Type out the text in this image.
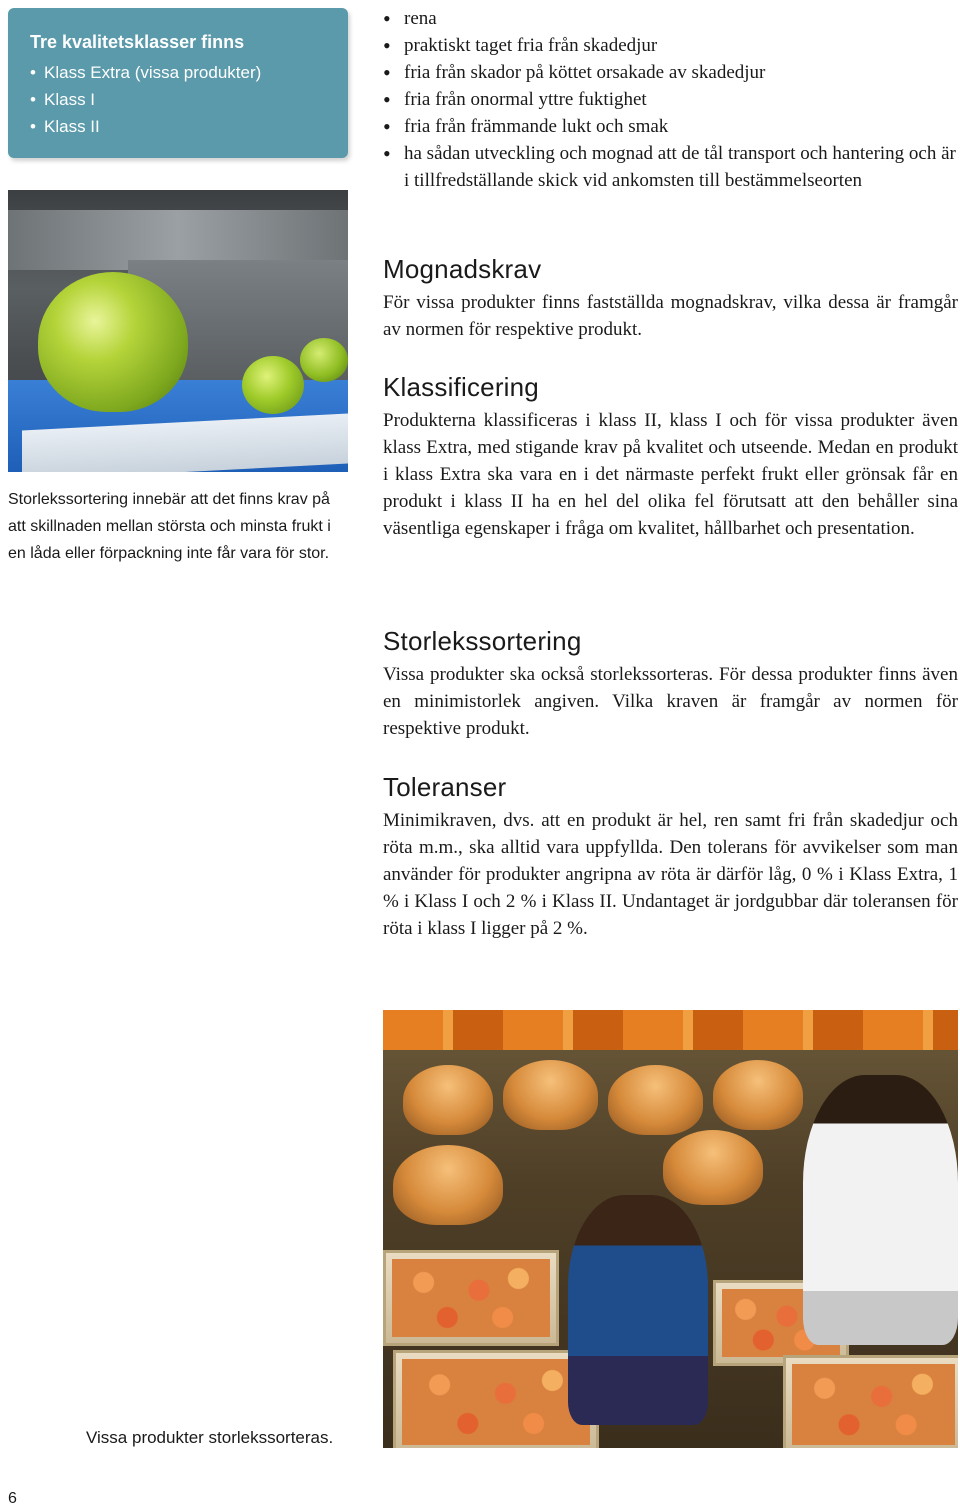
Tre kvalitetsklasser finns
• Klass Extra (vissa produkter)
• Klass I
• Klass II
Storlekssortering innebär att det finns krav på att skillnaden mellan största och minsta frukt i en låda eller förpackning inte får vara för stor.
• rena
• praktiskt taget fria från skadedjur
• fria från skador på köttet orsakade av skadedjur
• fria från onormal yttre fuktighet
• fria från främmande lukt och smak
• ha sådan utveckling och mognad att de tål transport och hantering och är i tillfredställande skick vid ankomsten till bestämmelseorten
Mognadskrav

För vissa produkter finns fastställda mognadskrav, vilka dessa är framgår av normen för respektive produkt.

Klassificering

Produkterna klassificeras i klass II, klass I och för vissa produkter även klass Extra, med stigande krav på kvalitet och utseende. Medan en produkt i klass Extra ska vara en i det närmaste perfekt frukt eller grönsak får en produkt i klass II ha en hel del olika fel förutsatt att den behåller sina väsentliga egenskaper i fråga om kvalitet, hållbarhet och presentation.

Storlekssortering

Vissa produkter ska också storlekssorteras. För dessa produkter finns även en minimistorlek angiven. Vilka kraven är framgår av normen för respektive produkt.

Toleranser

Minimikraven, dvs. att en produkt är hel, ren samt fri från skadedjur och röta m.m., ska alltid vara uppfyllda. Den tolerans för avvikelser som man använder för produkter angripna av röta är därför låg, 0 % i Klass Extra, 1 % i Klass I och 2 % i Klass II. Undantaget är jordgubbar där toleransen för röta i klass I ligger på 2 %.

Vissa produkter storlekssorteras.
6
